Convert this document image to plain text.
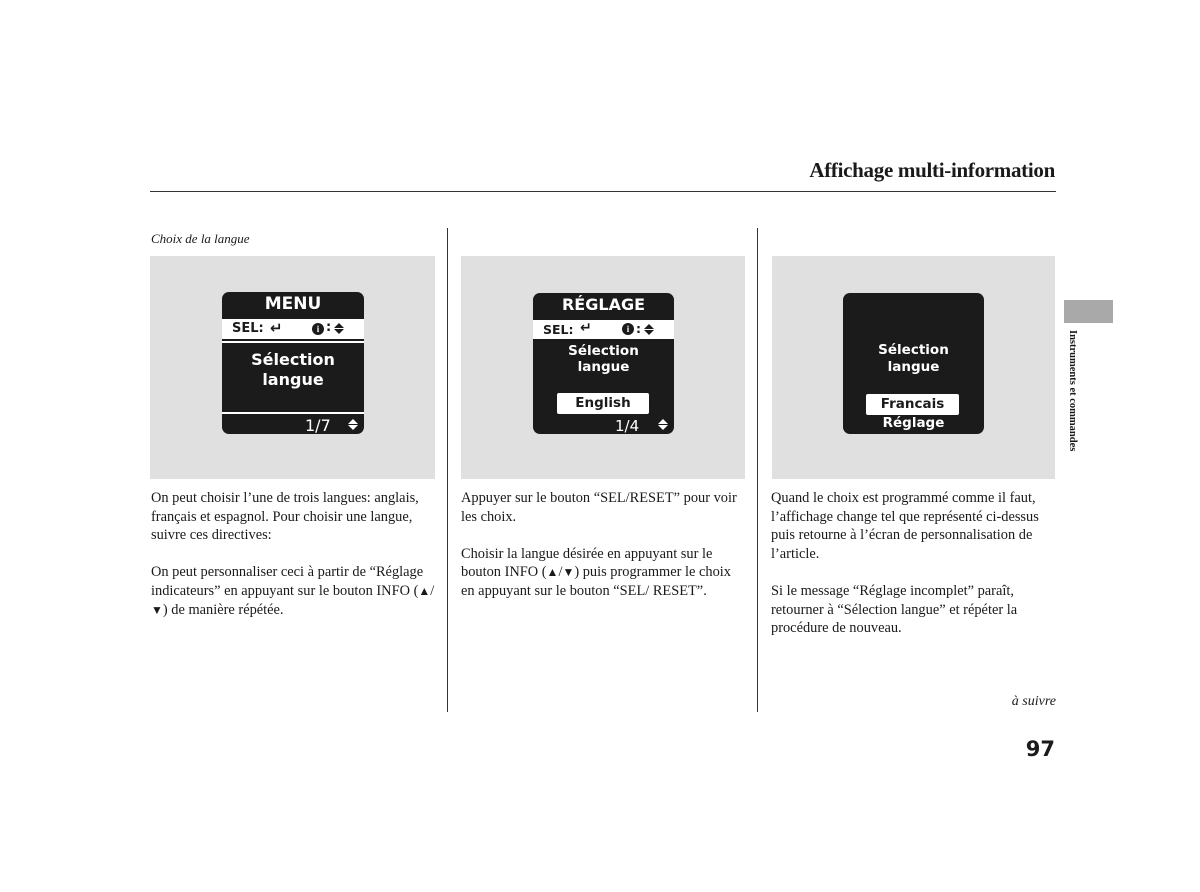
Affichage multi-information
Choix de la langue
MENU
SEL: ↵	i :
Sélection
langue
1/7
RÉGLAGE
SEL: ↵	i :
Sélection
langue
English
1/4
Sélection
langue
Francais
Réglage

On peut choisir l’une de trois langues: anglais, français et espagnol. Pour choisir une langue, suivre ces directives:

On peut personnaliser ceci à partir de “Réglage indicateurs” en appuyant sur le bouton INFO (▲/▼) de manière répétée.

Appuyer sur le bouton “SEL/RESET” pour voir les choix.

Choisir la langue désirée en appuyant sur le bouton INFO (▲/▼) puis programmer le choix en appuyant sur le bouton “SEL/ RESET”.

Quand le choix est programmé comme il faut, l’affichage change tel que représenté ci-dessus puis retourne à l’écran de personnalisation de l’article.

Si le message “Réglage incomplet” paraît, retourner à “Sélection langue” et répéter la procédure de nouveau.

Instruments et commandes
à suivre
97
